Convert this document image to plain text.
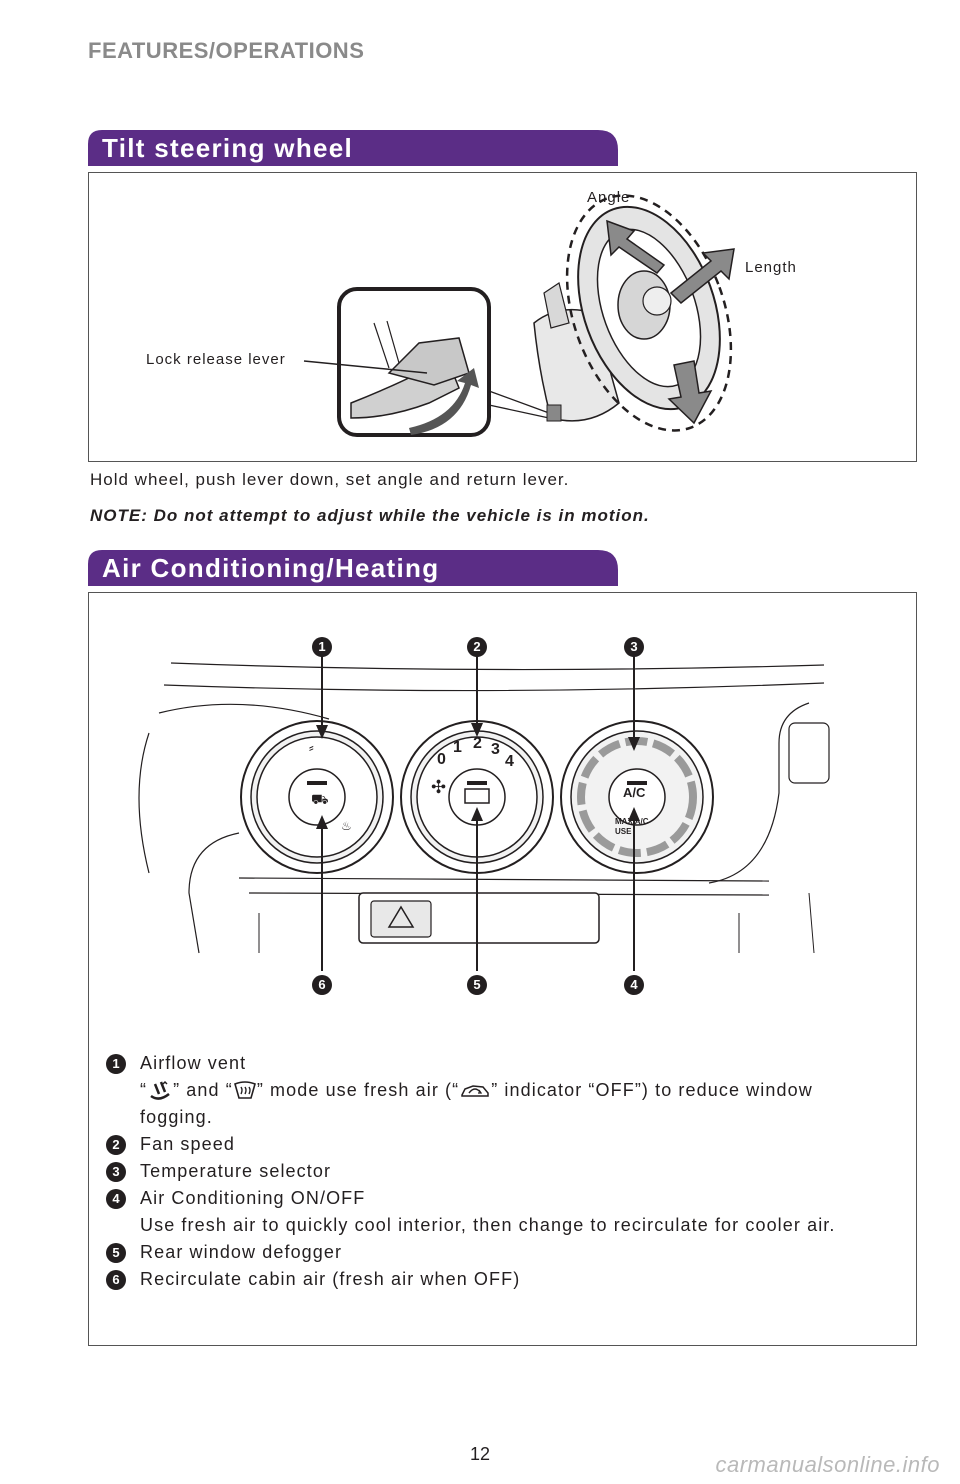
FEATURES/OPERATIONS
Tilt steering wheel
Angle
Length
Lock release lever
Hold wheel, push lever down, set angle and return lever.
NOTE: Do not attempt to adjust while the vehicle is in motion.
Air Conditioning/Heating
0
1 2 3
4
✣	A/C
MAX A/C
USE
⸗
⛟
♨
1	2	3
6	5	4
1	Airflow vent
“ ” and “ ” mode use fresh air (“ ” indicator “OFF”) to reduce window fogging.
2	Fan speed
3	Temperature selector
4	Air Conditioning ON/OFF
Use fresh air to quickly cool interior, then change to recirculate for cooler air.
5	Rear window defogger
6	Recirculate cabin air (fresh air when OFF)
12	carmanualsonline.info
